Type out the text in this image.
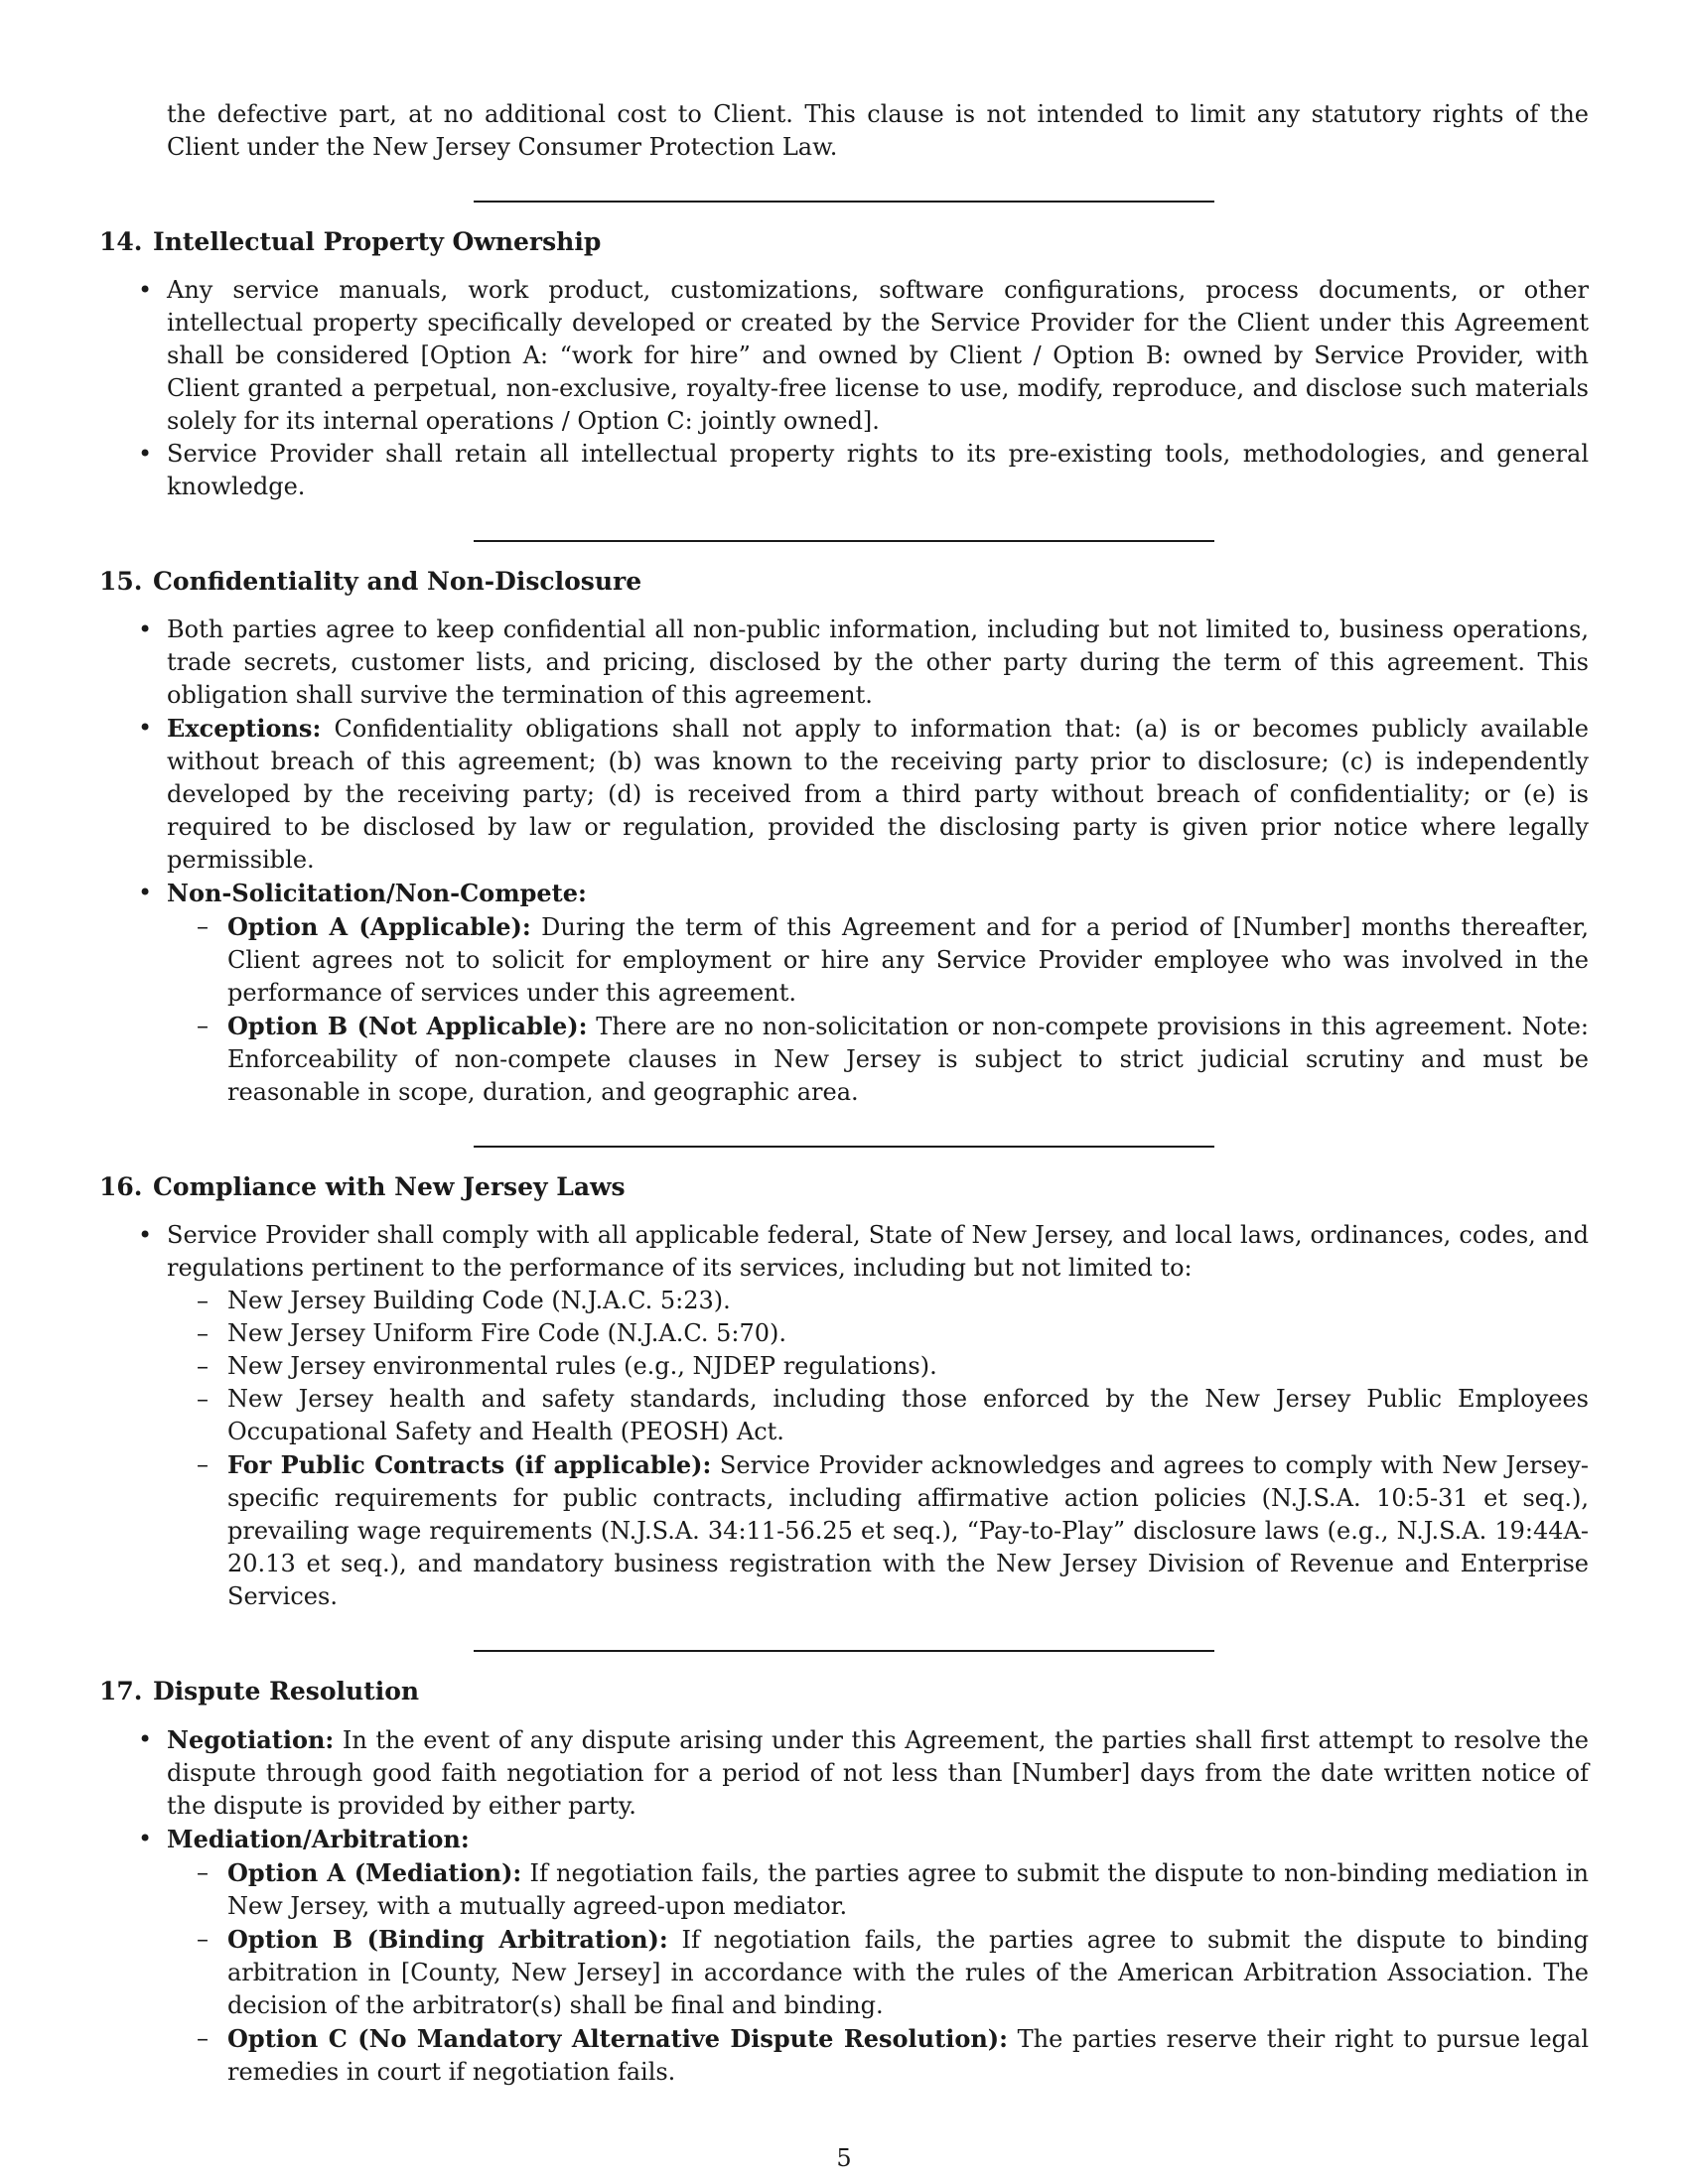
the defective part, at no additional cost to Client. This clause is not intended to limit any statutory rights of the Client under the New Jersey Consumer Protection Law.

14. Intellectual Property Ownership
• Any service manuals, work product, customizations, software configurations, process documents, or other intellectual property specifically developed or created by the Service Provider for the Client under this Agreement shall be considered [Option A: “work for hire” and owned by Client / Option B: owned by Service Provider, with Client granted a perpetual, non-exclusive, royalty-free license to use, modify, reproduce, and disclose such materials solely for its internal operations / Option C: jointly owned].
• Service Provider shall retain all intellectual property rights to its pre-existing tools, methodologies, and general knowledge.
15. Confidentiality and Non-Disclosure
• Both parties agree to keep confidential all non-public information, including but not limited to, business operations, trade secrets, customer lists, and pricing, disclosed by the other party during the term of this agreement. This obligation shall survive the termination of this agreement.
• Exceptions: Confidentiality obligations shall not apply to information that: (a) is or becomes publicly available without breach of this agreement; (b) was known to the receiving party prior to disclosure; (c) is independently developed by the receiving party; (d) is received from a third party without breach of confidentiality; or (e) is required to be disclosed by law or regulation, provided the disclosing party is given prior notice where legally permissible.
• Non-Solicitation/Non-Compete:
– Option A (Applicable): During the term of this Agreement and for a period of [Number] months thereafter, Client agrees not to solicit for employment or hire any Service Provider employee who was involved in the performance of services under this agreement.
– Option B (Not Applicable): There are no non-solicitation or non-compete provisions in this agreement. Note: Enforceability of non-compete clauses in New Jersey is subject to strict judicial scrutiny and must be reasonable in scope, duration, and geographic area.
16. Compliance with New Jersey Laws
• Service Provider shall comply with all applicable federal, State of New Jersey, and local laws, ordinances, codes, and regulations pertinent to the performance of its services, including but not limited to:
– New Jersey Building Code (N.J.A.C. 5:23).
– New Jersey Uniform Fire Code (N.J.A.C. 5:70).
– New Jersey environmental rules (e.g., NJDEP regulations).
– New Jersey health and safety standards, including those enforced by the New Jersey Public Employees Occupational Safety and Health (PEOSH) Act.
– For Public Contracts (if applicable): Service Provider acknowledges and agrees to comply with New Jersey-specific requirements for public contracts, including affirmative action policies (N.J.S.A. 10:5-31 et seq.), prevailing wage requirements (N.J.S.A. 34:11-56.25 et seq.), “Pay-to-Play” disclosure laws (e.g., N.J.S.A. 19:44A-20.13 et seq.), and mandatory business registration with the New Jersey Division of Revenue and Enterprise Services.
17. Dispute Resolution
• Negotiation: In the event of any dispute arising under this Agreement, the parties shall first attempt to resolve the dispute through good faith negotiation for a period of not less than [Number] days from the date written notice of the dispute is provided by either party.
• Mediation/Arbitration:
– Option A (Mediation): If negotiation fails, the parties agree to submit the dispute to non-binding mediation in New Jersey, with a mutually agreed-upon mediator.
– Option B (Binding Arbitration): If negotiation fails, the parties agree to submit the dispute to binding arbitration in [County, New Jersey] in accordance with the rules of the American Arbitration Association. The decision of the arbitrator(s) shall be final and binding.
– Option C (No Mandatory Alternative Dispute Resolution): The parties reserve their right to pursue legal remedies in court if negotiation fails.
5
